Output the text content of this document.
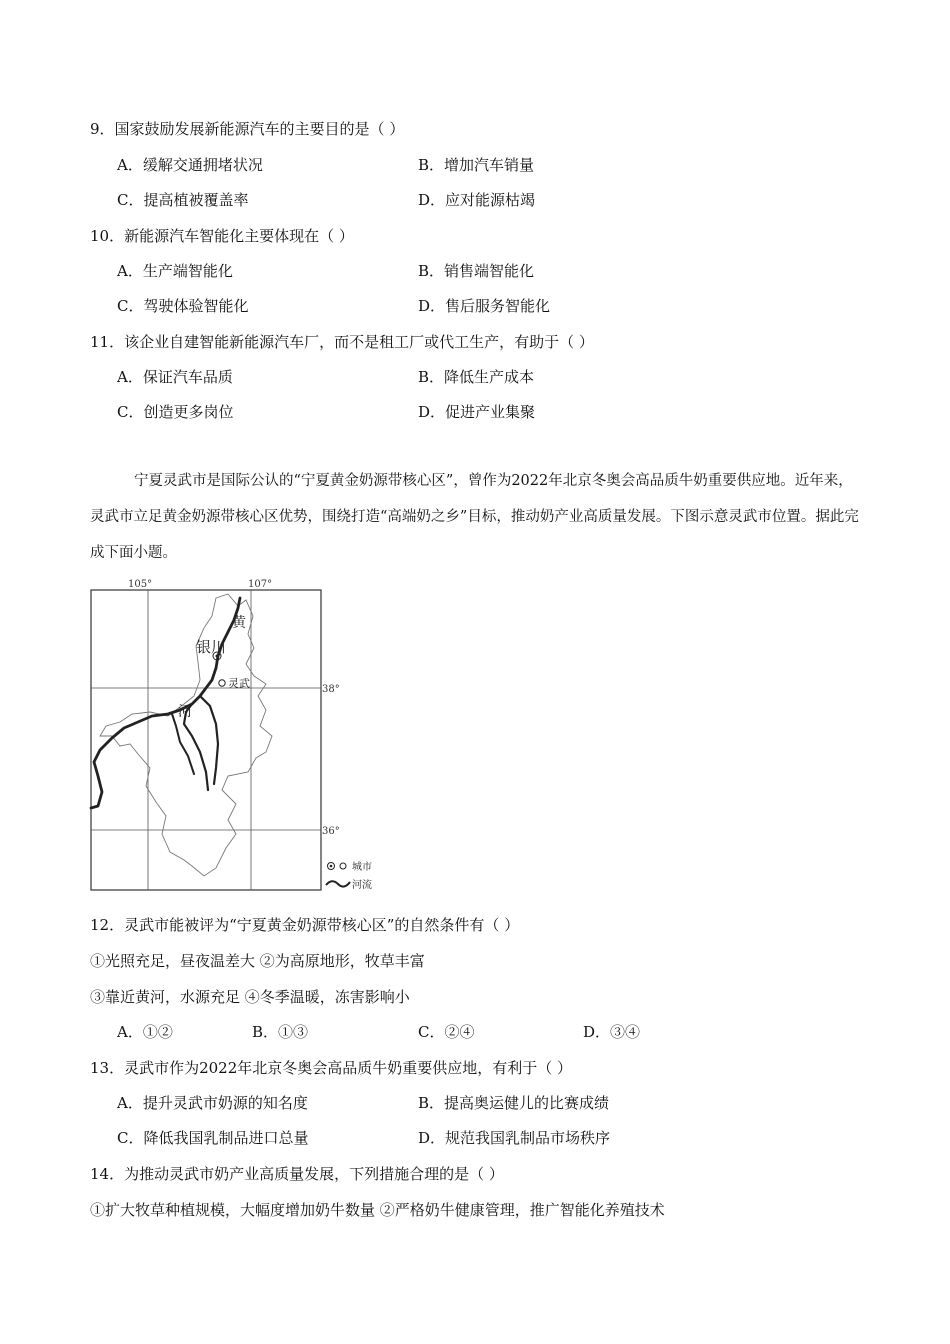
9．国家鼓励发展新能源汽车的主要目的是（ ）
A．缓解交通拥堵状况	B．增加汽车销量
C．提高植被覆盖率	D．应对能源枯竭
10．新能源汽车智能化主要体现在（ ）
A．生产端智能化	B．销售端智能化
C．驾驶体验智能化	D．售后服务智能化
11．该企业自建智能新能源汽车厂，而不是租工厂或代工生产，有助于（ ）
A．保证汽车品质	B．降低生产成本
C．创造更多岗位	D．促进产业集聚
宁夏灵武市是国际公认的“宁夏黄金奶源带核心区”，曾作为2022年北京冬奥会高品质牛奶重要供应地。近年来，灵武市立足黄金奶源带核心区优势，围绕打造“高端奶之乡”目标，推动奶产业高质量发展。下图示意灵武市位置。据此完成下面小题。
105°	107°
38°
36°
银川
灵武
黄
河
城市
河流
12．灵武市能被评为“宁夏黄金奶源带核心区”的自然条件有（ ）
①光照充足，昼夜温差大 ②为高原地形，牧草丰富
③靠近黄河，水源充足 ④冬季温暖，冻害影响小
A．①②	B．①③	C．②④	D．③④
13．灵武市作为2022年北京冬奥会高品质牛奶重要供应地，有利于（ ）
A．提升灵武市奶源的知名度	B．提高奥运健儿的比赛成绩
C．降低我国乳制品进口总量	D．规范我国乳制品市场秩序
14．为推动灵武市奶产业高质量发展，下列措施合理的是（ ）
①扩大牧草种植规模，大幅度增加奶牛数量 ②严格奶牛健康管理，推广智能化养殖技术
